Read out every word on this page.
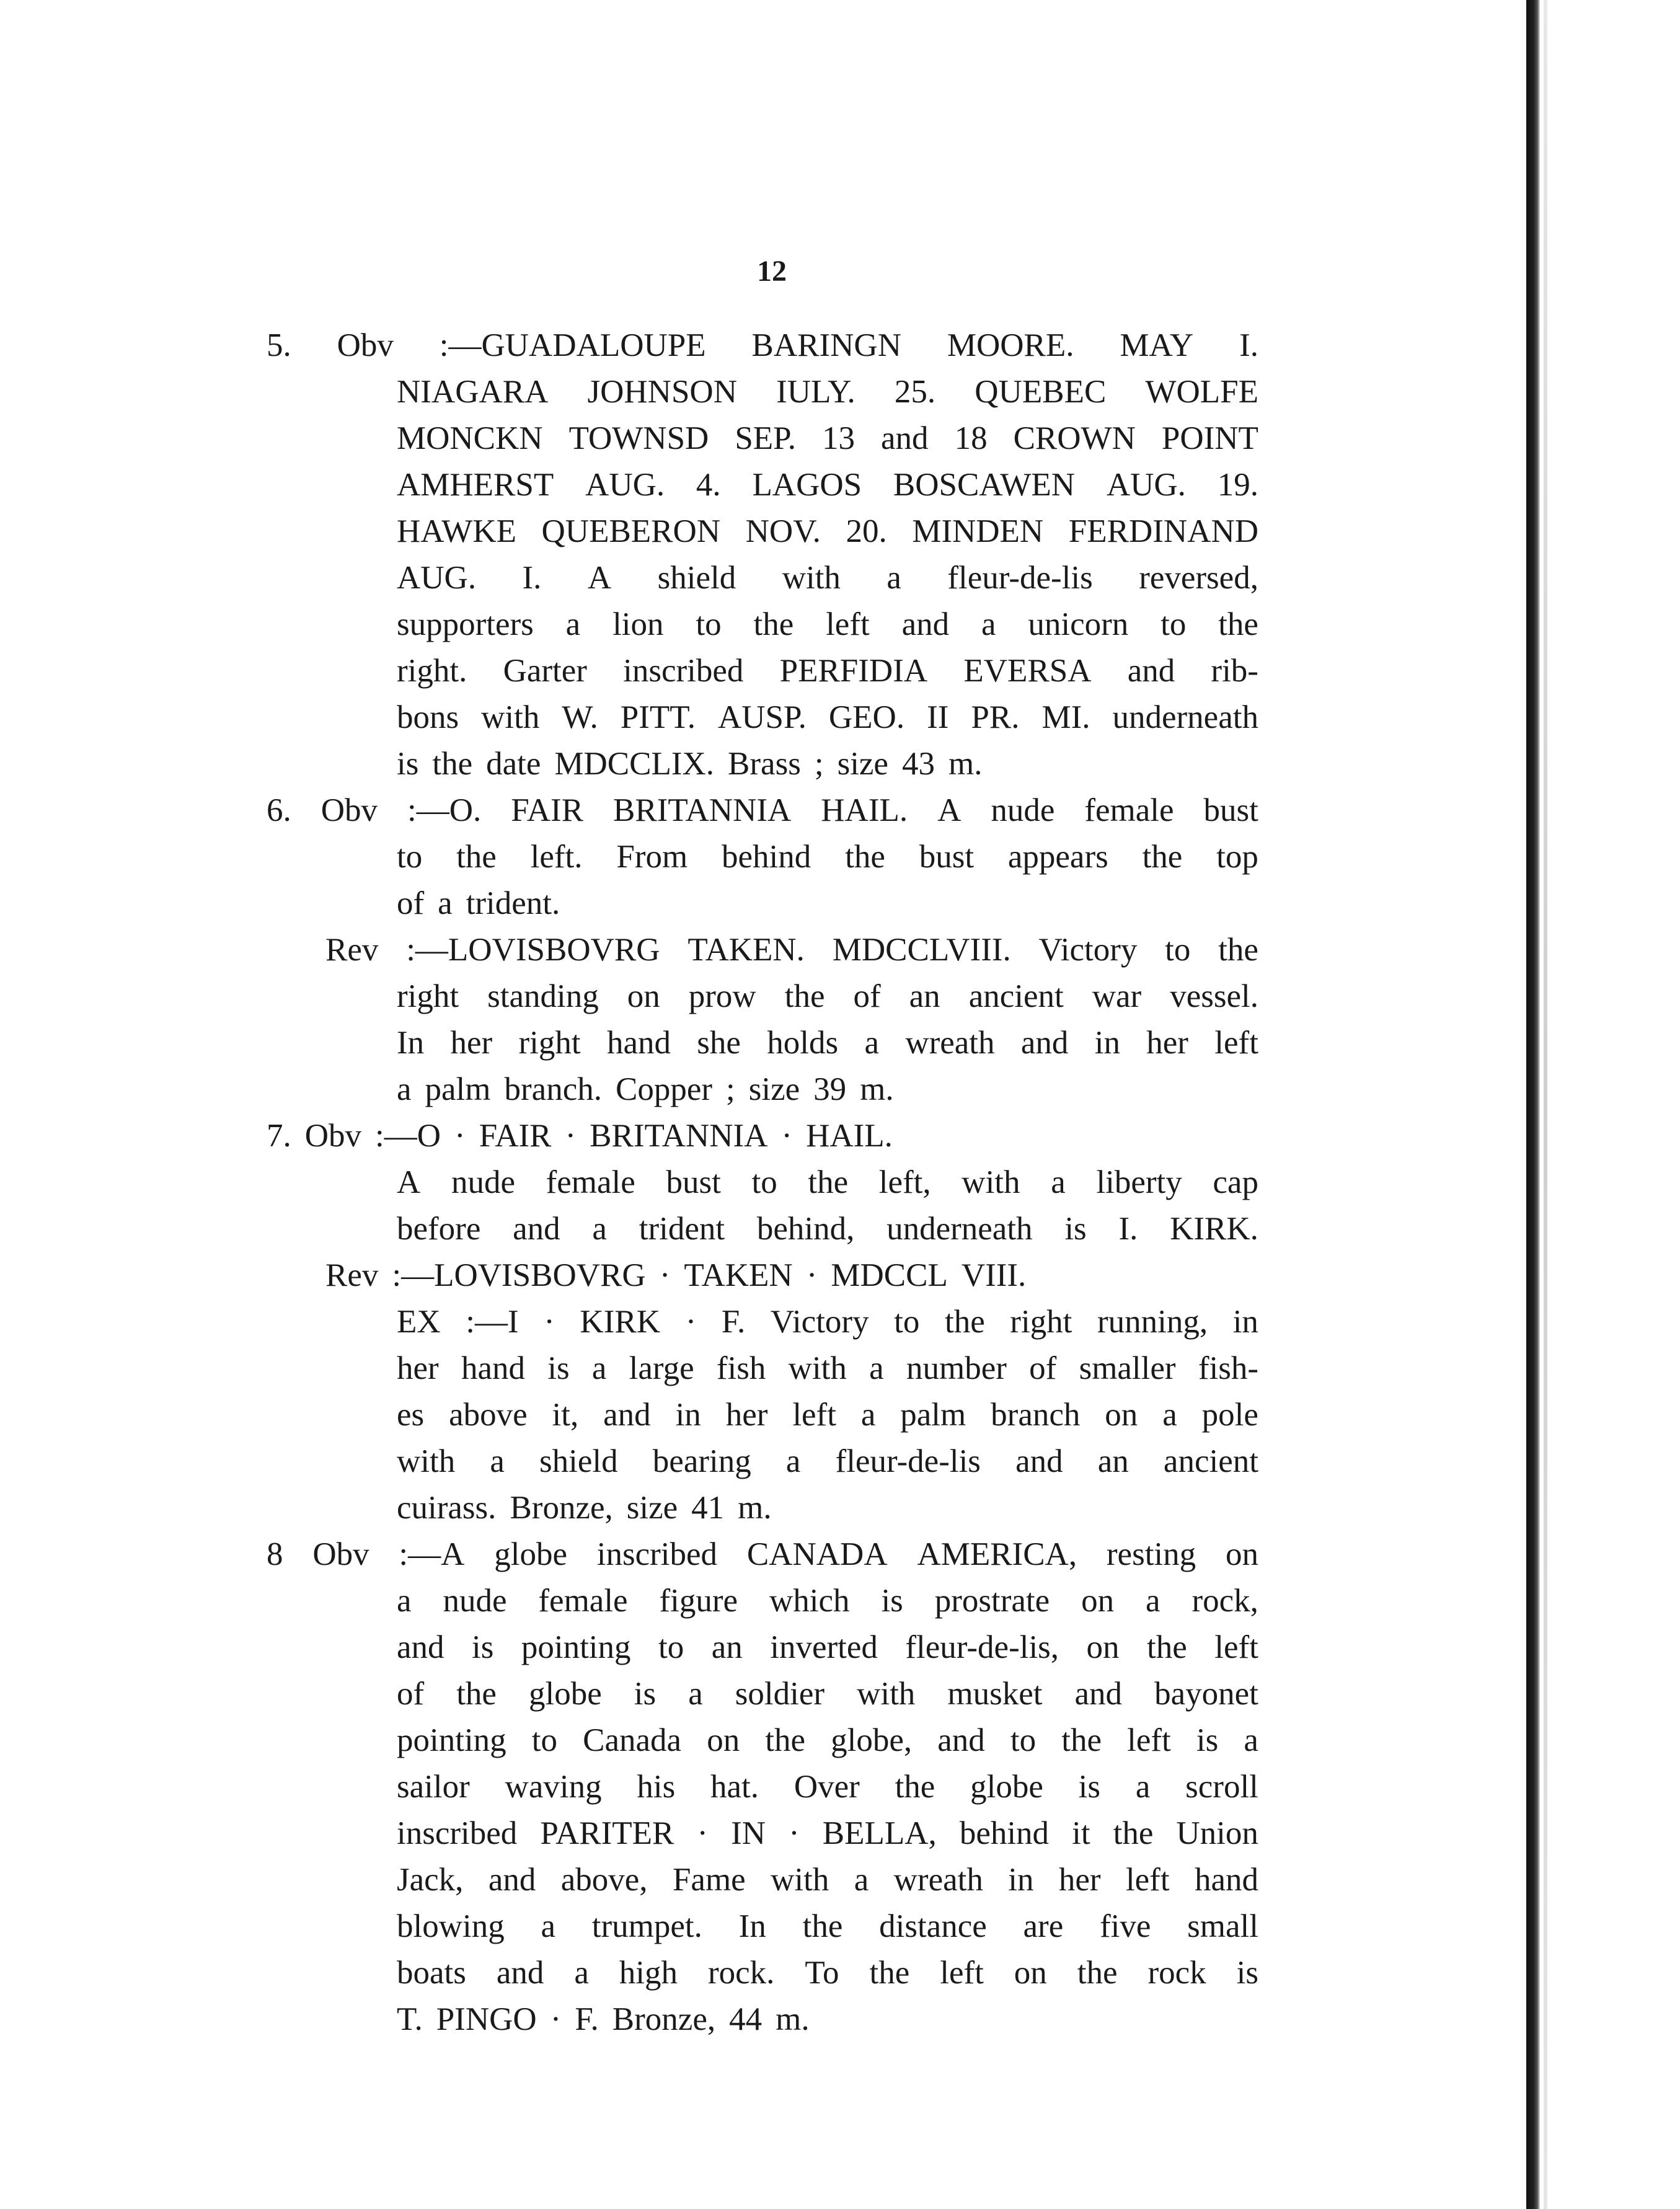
12
5. Obv :—GUADALOUPE BARINGN MOORE. MAY I.
NIAGARA JOHNSON IULY. 25. QUEBEC WOLFE
MONCKN TOWNSD SEP. 13 and 18 CROWN POINT
AMHERST AUG. 4. LAGOS BOSCAWEN AUG. 19.
HAWKE QUEBERON NOV. 20. MINDEN FERDINAND
AUG. I. A shield with a fleur-de-lis reversed,
supporters a lion to the left and a unicorn to the
right. Garter inscribed PERFIDIA EVERSA and rib-
bons with W. PITT. AUSP. GEO. II PR. MI. underneath
is the date MDCCLIX. Brass ; size 43 m.
6. Obv :—O. FAIR BRITANNIA HAIL. A nude female bust
to the left. From behind the bust appears the top
of a trident.
Rev :—LOVISBOVRG TAKEN. MDCCLVIII. Victory to the
right standing on prow the of an ancient war vessel.
In her right hand she holds a wreath and in her left
a palm branch. Copper ; size 39 m.
7. Obv :—O · FAIR · BRITANNIA · HAIL.
A nude female bust to the left, with a liberty cap
before and a trident behind, underneath is I. KIRK.
Rev :—LOVISBOVRG · TAKEN · MDCCL VIII.
EX :—I · KIRK · F. Victory to the right running, in
her hand is a large fish with a number of smaller fish-
es above it, and in her left a palm branch on a pole
with a shield bearing a fleur-de-lis and an ancient
cuirass. Bronze, size 41 m.
8 Obv :—A globe inscribed CANADA AMERICA, resting on
a nude female figure which is prostrate on a rock,
and is pointing to an inverted fleur-de-lis, on the left
of the globe is a soldier with musket and bayonet
pointing to Canada on the globe, and to the left is a
sailor waving his hat. Over the globe is a scroll
inscribed PARITER · IN · BELLA, behind it the Union
Jack, and above, Fame with a wreath in her left hand
blowing a trumpet. In the distance are five small
boats and a high rock. To the left on the rock is
T. PINGO · F. Bronze, 44 m.
